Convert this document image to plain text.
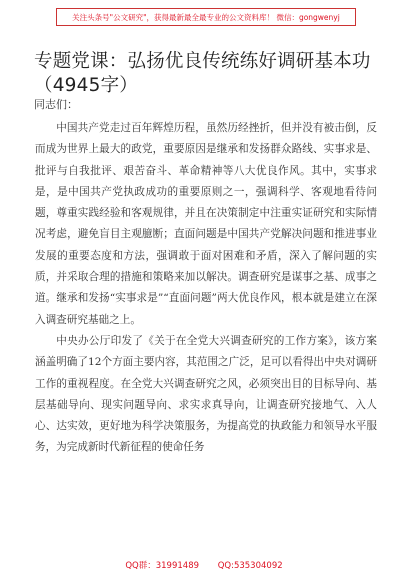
关注头条号"公文研究"，获得最新最全最专业的公文资料库！ 微信：gongwenyj
专题党课：弘扬优良传统练好调研基本功（4945字）
同志们：

中国共产党走过百年辉煌历程，虽然历经挫折，但并没有被击倒，反而成为世界上最大的政党，重要原因是继承和发扬群众路线、实事求是、批评与自我批评、艰苦奋斗、革命精神等八大优良作风。其中，实事求是，是中国共产党执政成功的重要原则之一，强调科学、客观地看待问题，尊重实践经验和客观规律，并且在决策制定中注重实证研究和实际情况考虑，避免盲目主观臆断；直面问题是中国共产党解决问题和推进事业发展的重要态度和方法，强调敢于面对困难和矛盾，深入了解问题的实质，并采取合理的措施和策略来加以解决。调查研究是谋事之基、成事之道。继承和发扬“实事求是”“直面问题”两大优良作风，根本就是建立在深入调查研究基础之上。

中央办公厅印发了《关于在全党大兴调查研究的工作方案》，该方案涵盖明确了12个方面主要内容，其范围之广泛，足可以看得出中央对调研工作的重视程度。在全党大兴调查研究之风，必须突出目的目标导向、基层基础导向、现实问题导向、求实求真导向，让调查研究接地气、入人心、达实效，更好地为科学决策服务，为提高党的执政能力和领导水平服务，为完成新时代新征程的使命任务

QQ群：31991489 QQ:535304092
